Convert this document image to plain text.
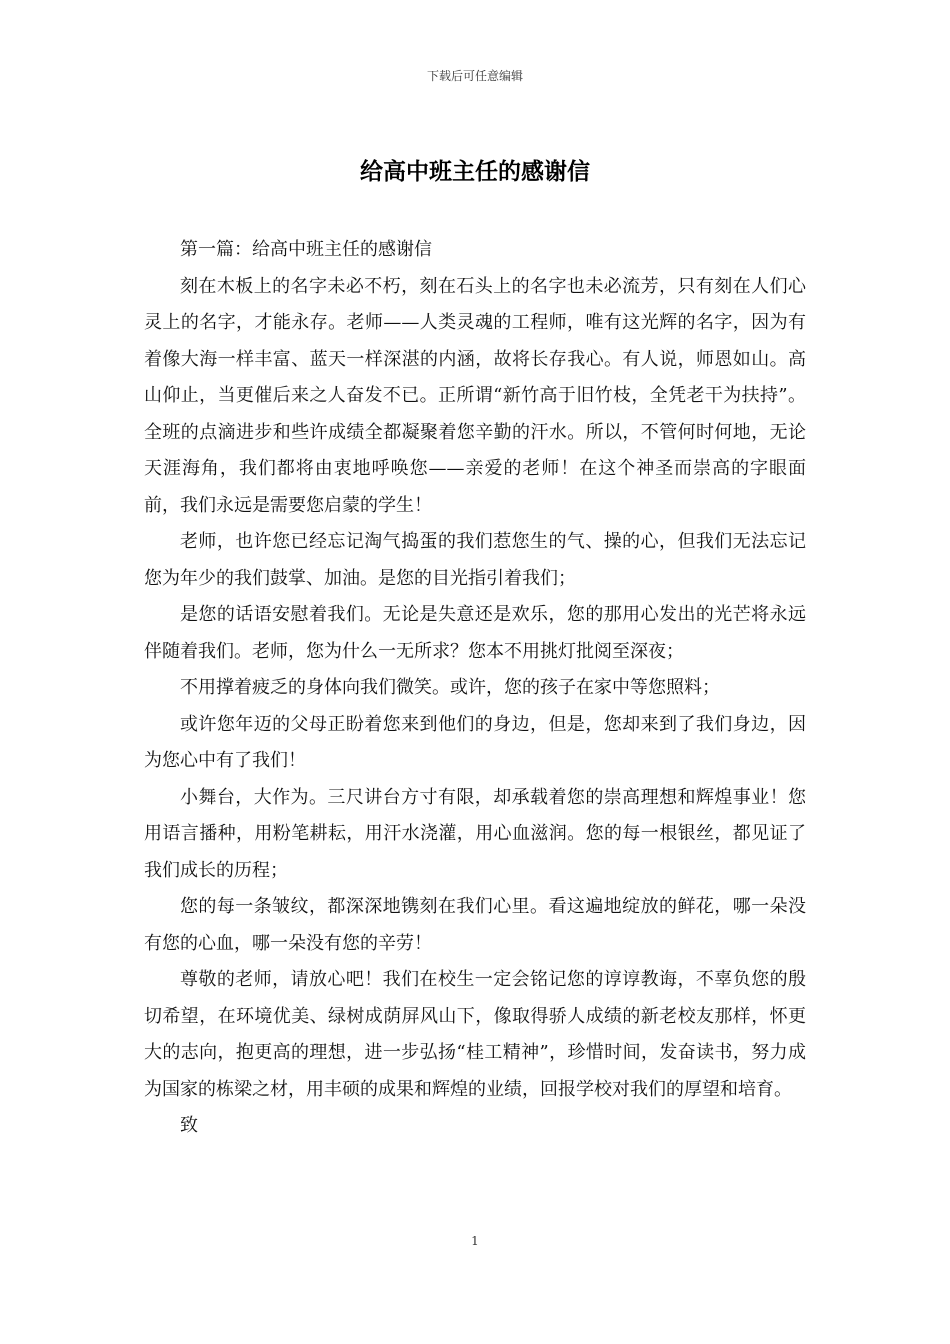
下载后可任意编辑
给高中班主任的感谢信

第一篇：给高中班主任的感谢信

刻在木板上的名字未必不朽，刻在石头上的名字也未必流芳，只有刻在人们心灵上的名字，才能永存。老师——人类灵魂的工程师，唯有这光辉的名字，因为有着像大海一样丰富、蓝天一样深湛的内涵，故将长存我心。有人说，师恩如山。高山仰止，当更催后来之人奋发不已。正所谓“新竹高于旧竹枝，全凭老干为扶持”。全班的点滴进步和些许成绩全都凝聚着您辛勤的汗水。所以，不管何时何地，无论天涯海角，我们都将由衷地呼唤您——亲爱的老师！在这个神圣而崇高的字眼面前，我们永远是需要您启蒙的学生！

老师，也许您已经忘记淘气捣蛋的我们惹您生的气、操的心，但我们无法忘记您为年少的我们鼓掌、加油。是您的目光指引着我们；

是您的话语安慰着我们。无论是失意还是欢乐，您的那用心发出的光芒将永远伴随着我们。老师，您为什么一无所求？您本不用挑灯批阅至深夜；

不用撑着疲乏的身体向我们微笑。或许，您的孩子在家中等您照料；

或许您年迈的父母正盼着您来到他们的身边，但是，您却来到了我们身边，因为您心中有了我们！

小舞台，大作为。三尺讲台方寸有限，却承载着您的崇高理想和辉煌事业！您用语言播种，用粉笔耕耘，用汗水浇灌，用心血滋润。您的每一根银丝，都见证了我们成长的历程；

您的每一条皱纹，都深深地镌刻在我们心里。看这遍地绽放的鲜花，哪一朵没有您的心血，哪一朵没有您的辛劳！

尊敬的老师，请放心吧！我们在校生一定会铭记您的谆谆教诲，不辜负您的殷切希望，在环境优美、绿树成荫屏风山下，像取得骄人成绩的新老校友那样，怀更大的志向，抱更高的理想，进一步弘扬“桂工精神”，珍惜时间，发奋读书，努力成为国家的栋梁之材，用丰硕的成果和辉煌的业绩，回报学校对我们的厚望和培育。

致

1
